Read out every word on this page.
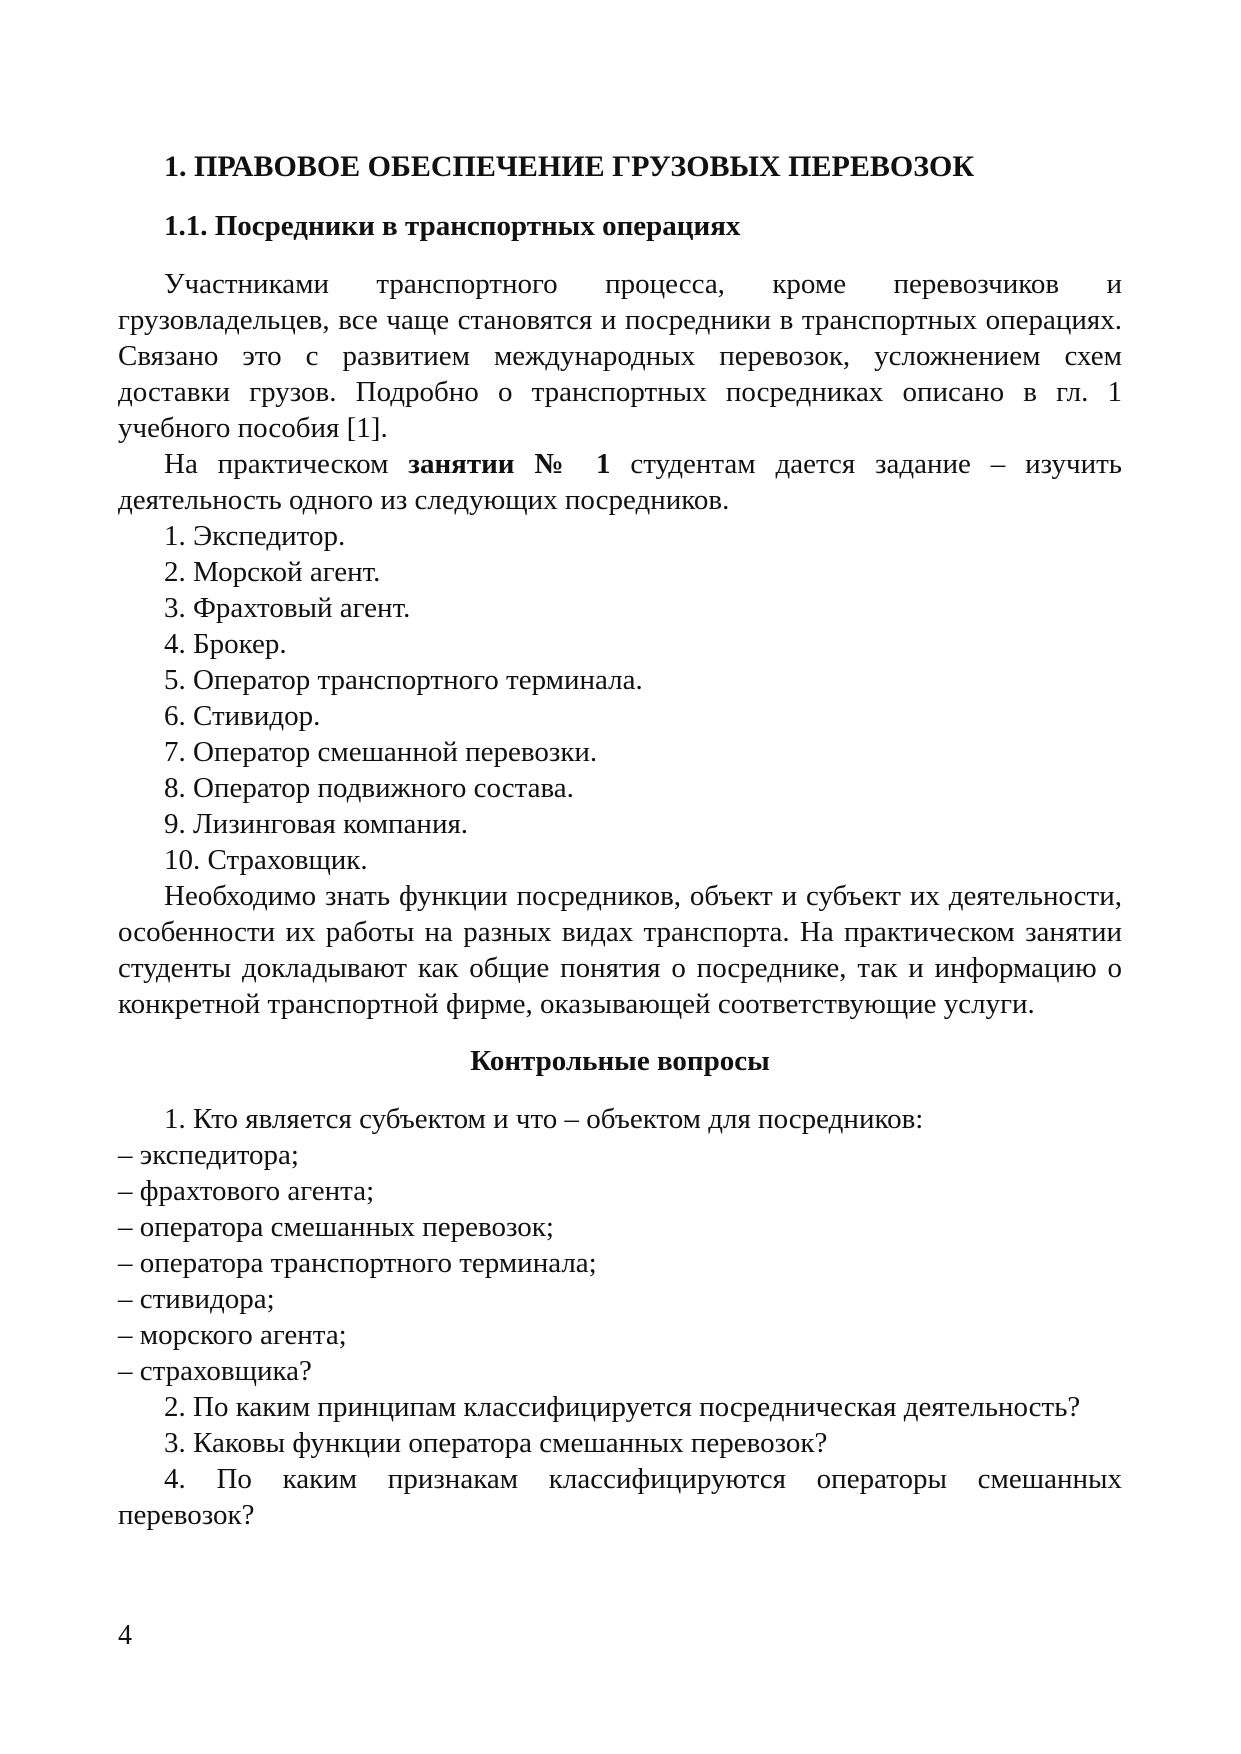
1. ПРАВОВОЕ ОБЕСПЕЧЕНИЕ ГРУЗОВЫХ ПЕРЕВОЗОК
1.1. Посредники в транспортных операциях

Участниками транспортного процесса, кроме перевозчиков и грузовладельцев, все чаще становятся и посредники в транспортных операциях. Связано это с развитием международных перевозок, усложнением схем доставки грузов. Подробно о транспортных посредниках описано в гл. 1 учебного пособия [1].

На практическом занятии № 1 студентам дается задание – изучить деятельность одного из следующих посредников.

1. Экспедитор.
2. Морской агент.
3. Фрахтовый агент.
4. Брокер.
5. Оператор транспортного терминала.
6. Стивидор.
7. Оператор смешанной перевозки.
8. Оператор подвижного состава.
9. Лизинговая компания.
10. Страховщик.

Необходимо знать функции посредников, объект и субъект их деятельности, особенности их работы на разных видах транспорта. На практическом занятии студенты докладывают как общие понятия о посреднике, так и информацию о конкретной транспортной фирме, оказывающей соответствующие услуги.

Контрольные вопросы
1. Кто является субъектом и что – объектом для посредников:
– экспедитора;
– фрахтового агента;
– оператора смешанных перевозок;
– оператора транспортного терминала;
– стивидора;
– морского агента;
– страховщика?
2. По каким принципам классифицируется посредническая деятельность?
3. Каковы функции оператора смешанных перевозок?

4. По каким признакам классифицируются операторы смешанных перевозок?

4
